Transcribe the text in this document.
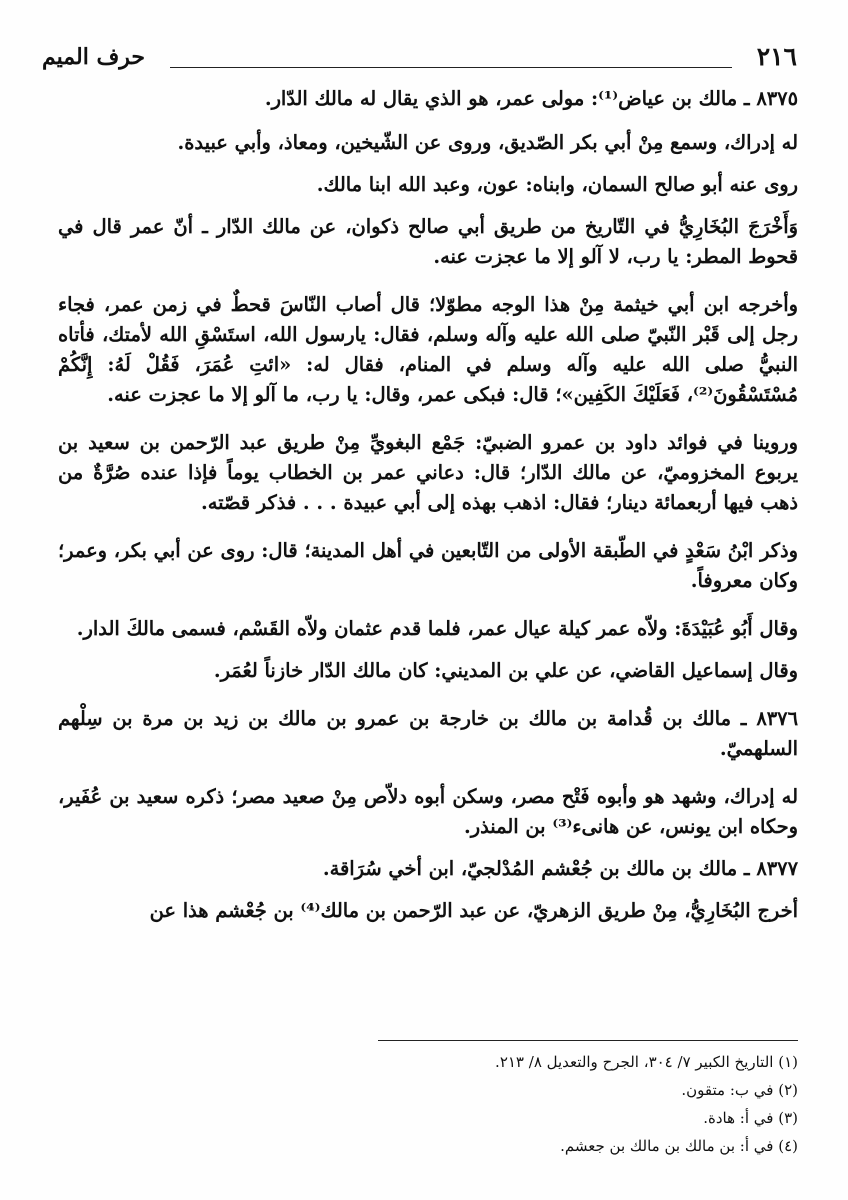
٢١٦
حرف الميم

٨٣٧٥ ـ مالك بن عياض⁽¹⁾: مولى عمر، هو الذي يقال له مالك الدّار.

له إدراك، وسمع مِنْ أبي بكر الصّديق، وروى عن الشّيخين، ومعاذ، وأبي عبيدة.

روى عنه أبو صالح السمان، وابناه: عون، وعبد الله ابنا مالك.

وَأَخْرَجَ البُخَارِيُّ في التّاريخ من طريق أبي صالح ذكوان، عن مالك الدّار ـ أنّ عمر قال في قحوط المطر: يا رب، لا آلو إلا ما عجزت عنه.

وأخرجه ابن أبي خيثمة مِنْ هذا الوجه مطوّلا؛ قال أصاب النّاسَ قحطٌ في زمن عمر، فجاء رجل إلى قَبْر النّبيّ صلى الله عليه وآله وسلم، فقال: يارسول الله، استَسْقِ الله لأمتك، فأتاه النبيُّ صلى الله عليه وآله وسلم في المنام، فقال له: «ائتِ عُمَرَ، فَقُلْ لَهُ: إِنَّكُمْ مُسْتَسْقُونَ⁽²⁾، فَعَلَيْكَ الكَفِين»؛ قال: فبكى عمر، وقال: يا رب، ما آلو إلا ما عجزت عنه.

وروينا في فوائد داود بن عمرو الضبيّ: جَمْع البغويِّ مِنْ طريق عبد الرّحمن بن سعيد بن يربوع المخزوميّ، عن مالك الدّار؛ قال: دعاني عمر بن الخطاب يوماً فإذا عنده صُرَّةٌ من ذهب فيها أربعمائة دينار؛ فقال: اذهب بهذه إلى أبي عبيدة . . . فذكر قصّته.

وذكر ابْنُ سَعْدٍ في الطّبقة الأولى من التّابعين في أهل المدينة؛ قال: روى عن أبي بكر، وعمر؛ وكان معروفاً.

وقال أَبُو عُبَيْدَةَ: ولاّه عمر كيلة عيال عمر، فلما قدم عثمان ولاّه القَسْم، فسمى مالكَ الدار.

وقال إسماعيل القاضي، عن علي بن المديني: كان مالك الدّار خازناً لعُمَر.

٨٣٧٦ ـ مالك بن قُدامة بن مالك بن خارجة بن عمرو بن مالك بن زيد بن مرة بن سِلْهم السلهميّ.

له إدراك، وشهد هو وأبوه فَتْح مصر، وسكن أبوه دلاّص مِنْ صعيد مصر؛ ذكره سعيد بن عُفَير، وحكاه ابن يونس، عن هانىء⁽³⁾ بن المنذر.

٨٣٧٧ ـ مالك بن مالك بن جُعْشم المُدْلجيّ، ابن أخي سُرَاقة.

أخرج البُخَارِيُّ، مِنْ طريق الزهريّ، عن عبد الرّحمن بن مالك⁽⁴⁾ بن جُعْشم هذا عن

(١) التاريخ الكبير ٧/ ٣٠٤، الجرح والتعديل ٨/ ٢١٣.
(٢) في ب: متقون.
(٣) في أ: هادة.
(٤) في أ: بن مالك بن مالك بن جعشم.
